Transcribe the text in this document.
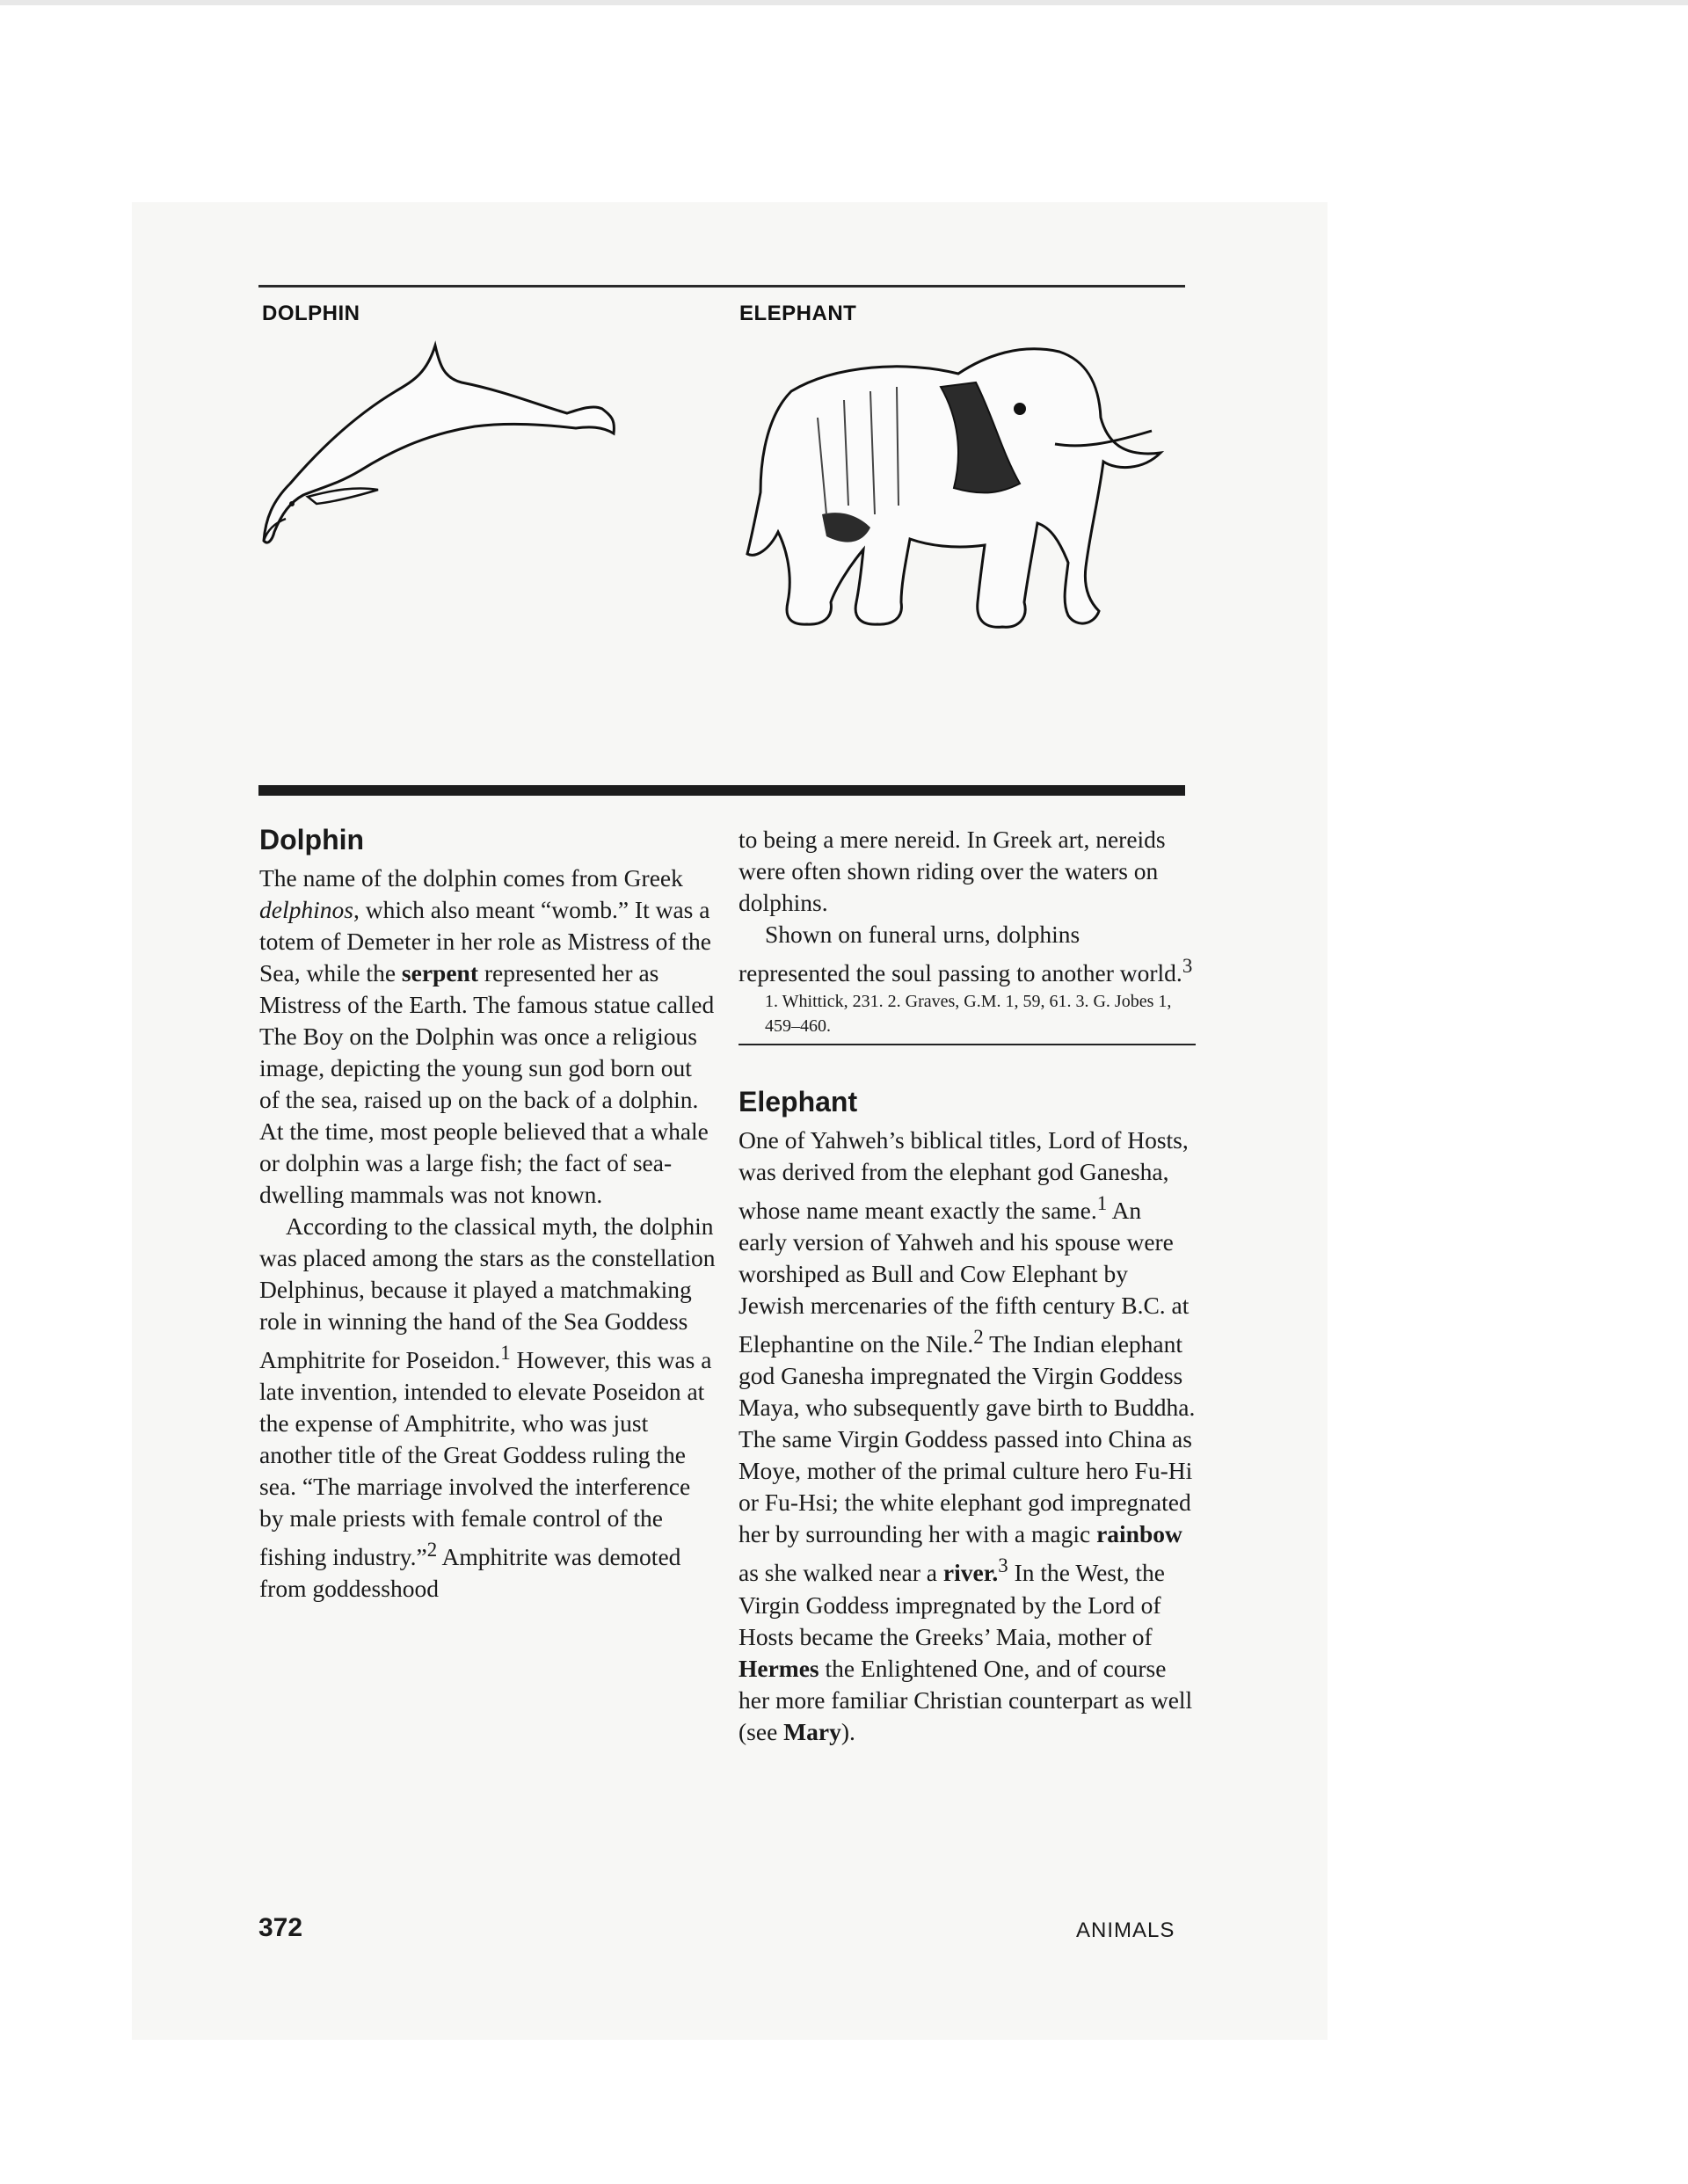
DOLPHIN	ELEPHANT
Dolphin

The name of the dolphin comes from Greek delphinos, which also meant “womb.” It was a totem of Demeter in her role as Mistress of the Sea, while the serpent represented her as Mistress of the Earth. The famous statue called The Boy on the Dolphin was once a religious image, depicting the young sun god born out of the sea, raised up on the back of a dolphin. At the time, most people believed that a whale or dolphin was a large fish; the fact of sea-dwelling mammals was not known.

According to the classical myth, the dolphin was placed among the stars as the constellation Delphinus, because it played a matchmaking role in winning the hand of the Sea Goddess Amphitrite for Poseidon.$^1$ However, this was a late invention, intended to elevate Poseidon at the expense of Amphitrite, who was just another title of the Great Goddess ruling the sea. “The marriage involved the interference by male priests with female control of the fishing industry.”$^2$ Amphitrite was demoted from goddesshood

to being a mere nereid. In Greek art, nereids were often shown riding over the waters on dolphins.

Shown on funeral urns, dolphins represented the soul passing to another world.$^3$

1. Whittick, 231. 2. Graves, G.M. 1, 59, 61. 3. G. Jobes 1, 459–460.

Elephant

One of Yahweh’s biblical titles, Lord of Hosts, was derived from the elephant god Ganesha, whose name meant exactly the same.$^1$ An early version of Yahweh and his spouse were worshiped as Bull and Cow Elephant by Jewish mercenaries of the fifth century B.C. at Elephantine on the Nile.$^2$ The Indian elephant god Ganesha impregnated the Virgin Goddess Maya, who subsequently gave birth to Buddha. The same Virgin Goddess passed into China as Moye, mother of the primal culture hero Fu-Hi or Fu-Hsi; the white elephant god impregnated her by surrounding her with a magic rainbow as she walked near a river.$^3$ In the West, the Virgin Goddess impregnated by the Lord of Hosts became the Greeks’ Maia, mother of Hermes the Enlightened One, and of course her more familiar Christian counterpart as well (see Mary).

372	ANIMALS
